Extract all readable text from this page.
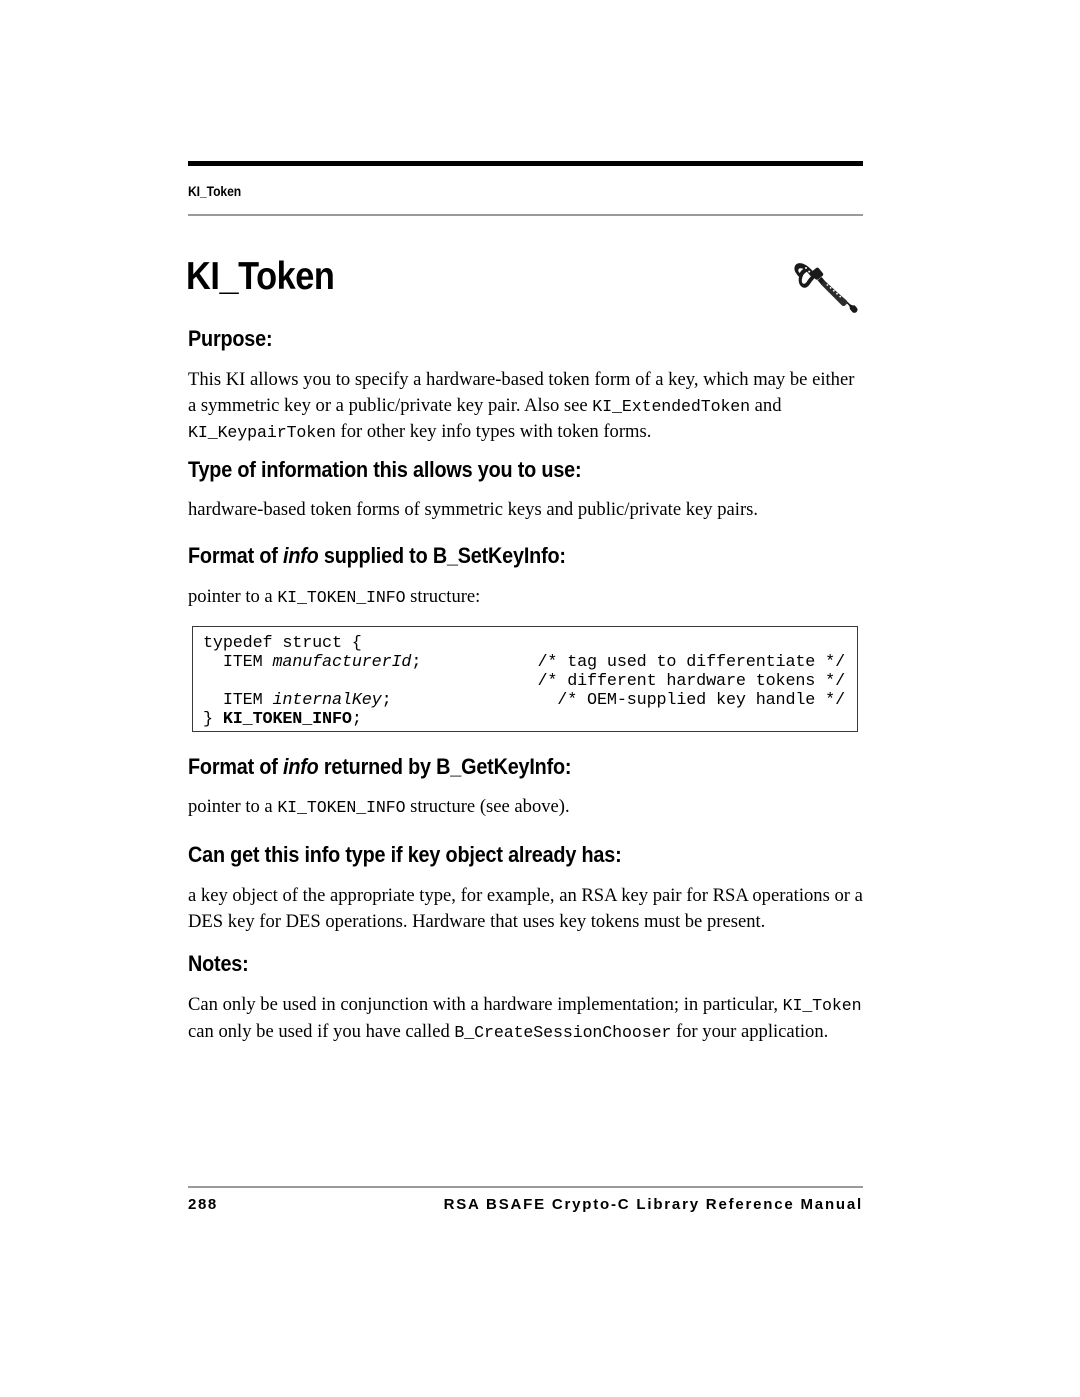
KI_Token
KI_Token
Purpose:
This KI allows you to specify a hardware-based token form of a key, which may be either a symmetric key or a public/private key pair. Also see KI_ExtendedToken and KI_KeypairToken for other key info types with token forms.
Type of information this allows you to use:
hardware-based token forms of symmetric keys and public/private key pairs.
Format of info supplied to B_SetKeyInfo:
pointer to a KI_TOKEN_INFO structure:
typedef struct {
ITEM manufacturerId;	/* tag used to differentiate */
/* different hardware tokens */
ITEM internalKey;	/* OEM-supplied key handle */
} KI_TOKEN_INFO;
Format of info returned by B_GetKeyInfo:
pointer to a KI_TOKEN_INFO structure (see above).
Can get this info type if key object already has:
a key object of the appropriate type, for example, an RSA key pair for RSA operations or a DES key for DES operations. Hardware that uses key tokens must be present.
Notes:
Can only be used in conjunction with a hardware implementation; in particular, KI_Token can only be used if you have called B_CreateSessionChooser for your application.
288	RSA BSAFE Crypto-C Library Reference Manual
